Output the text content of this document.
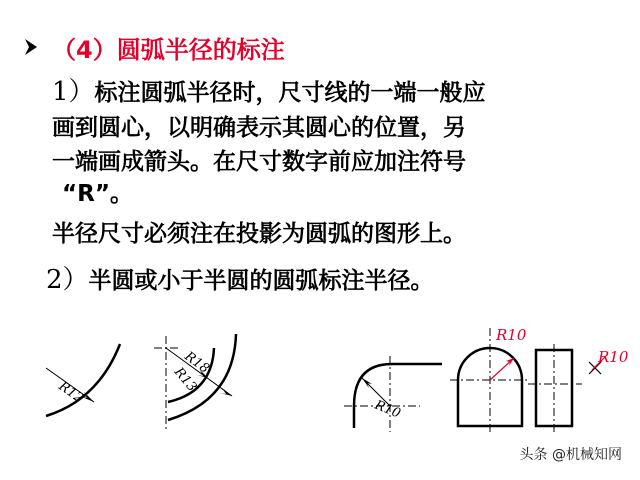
（4）圆弧半径的标注
1）标注圆弧半径时，尺寸线的一端一般应
画到圆心，以明确表示其圆心的位置，另
一端画成箭头。在尺寸数字前应加注符号
“R”。
半径尺寸必须注在投影为圆弧的图形上。
2）半圆或小于半圆的圆弧标注半径。
R12
R18
R13
R10
R10
R10
头条 @机械知网
